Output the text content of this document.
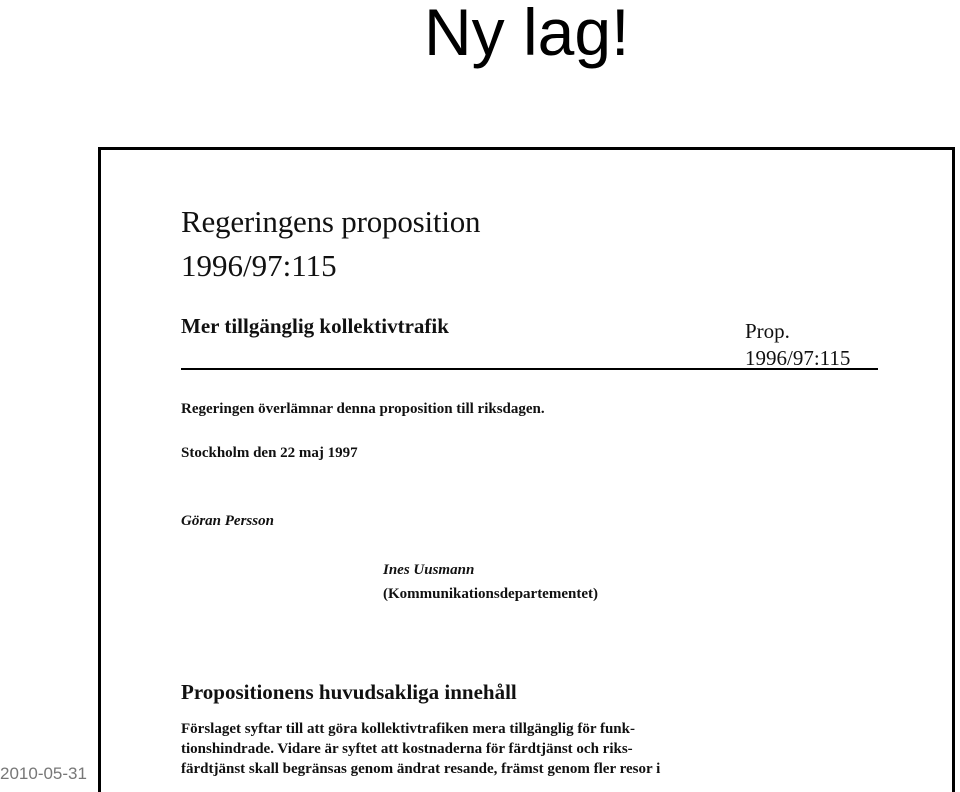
Ny lag!
Regeringens proposition
1996/97:115
Mer tillgänglig kollektivtrafik	Prop.
1996/97:115
Regeringen överlämnar denna proposition till riksdagen.
Stockholm den 22 maj 1997
Göran Persson
Ines Uusmann
(Kommunikationsdepartementet)
Propositionens huvudsakliga innehåll
Förslaget syftar till att göra kollektivtrafiken mera tillgänglig för funk-
tionshindrade. Vidare är syftet att kostnaderna för färdtjänst och riks-
färdtjänst skall begränsas genom ändrat resande, främst genom fler resor i
2010-05-31
